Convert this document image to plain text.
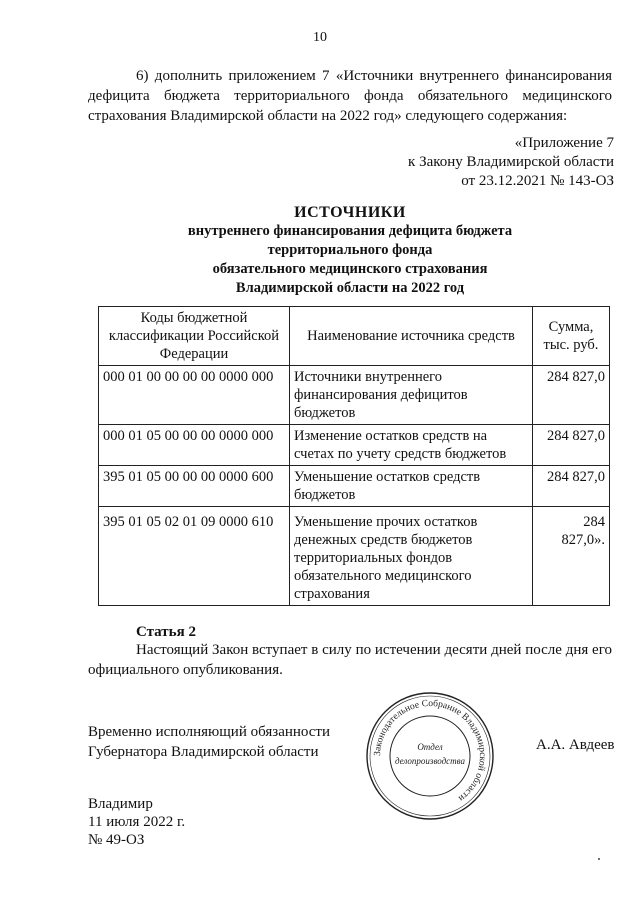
10
6) дополнить приложением 7 «Источники внутреннего финансирования дефицита бюджета территориального фонда обязательного медицинского страхования Владимирской области на 2022 год» следующего содержания:
«Приложение 7
к Закону Владимирской области
от 23.12.2021 № 143-ОЗ
ИСТОЧНИКИ
внутреннего финансирования дефицита бюджета
территориального фонда
обязательного медицинского страхования
Владимирской области на 2022 год
Коды бюджетной классификации Российской Федерации	Наименование источника средств	Сумма, тыс. руб.
000 01 00 00 00 00 0000 000	Источники внутреннего финансирования дефицитов бюджетов	284 827,0
000 01 05 00 00 00 0000 000	Изменение остатков средств на счетах по учету средств бюджетов	284 827,0
395 01 05 00 00 00 0000 600	Уменьшение остатков средств бюджетов	284 827,0
395 01 05 02 01 09 0000 610	Уменьшение прочих остатков денежных средств бюджетов территориальных фондов обязательного медицинского страхования	284 827,0».
Статья 2
Настоящий Закон вступает в силу по истечении десяти дней после дня его официального опубликования.
Временно исполняющий обязанности
Губернатора Владимирской области	Законодательное Собрание Владимирской области
Отдел
делопроизводства
А.А. Авдеев
Владимир
11 июля 2022 г.
№ 49-ОЗ
